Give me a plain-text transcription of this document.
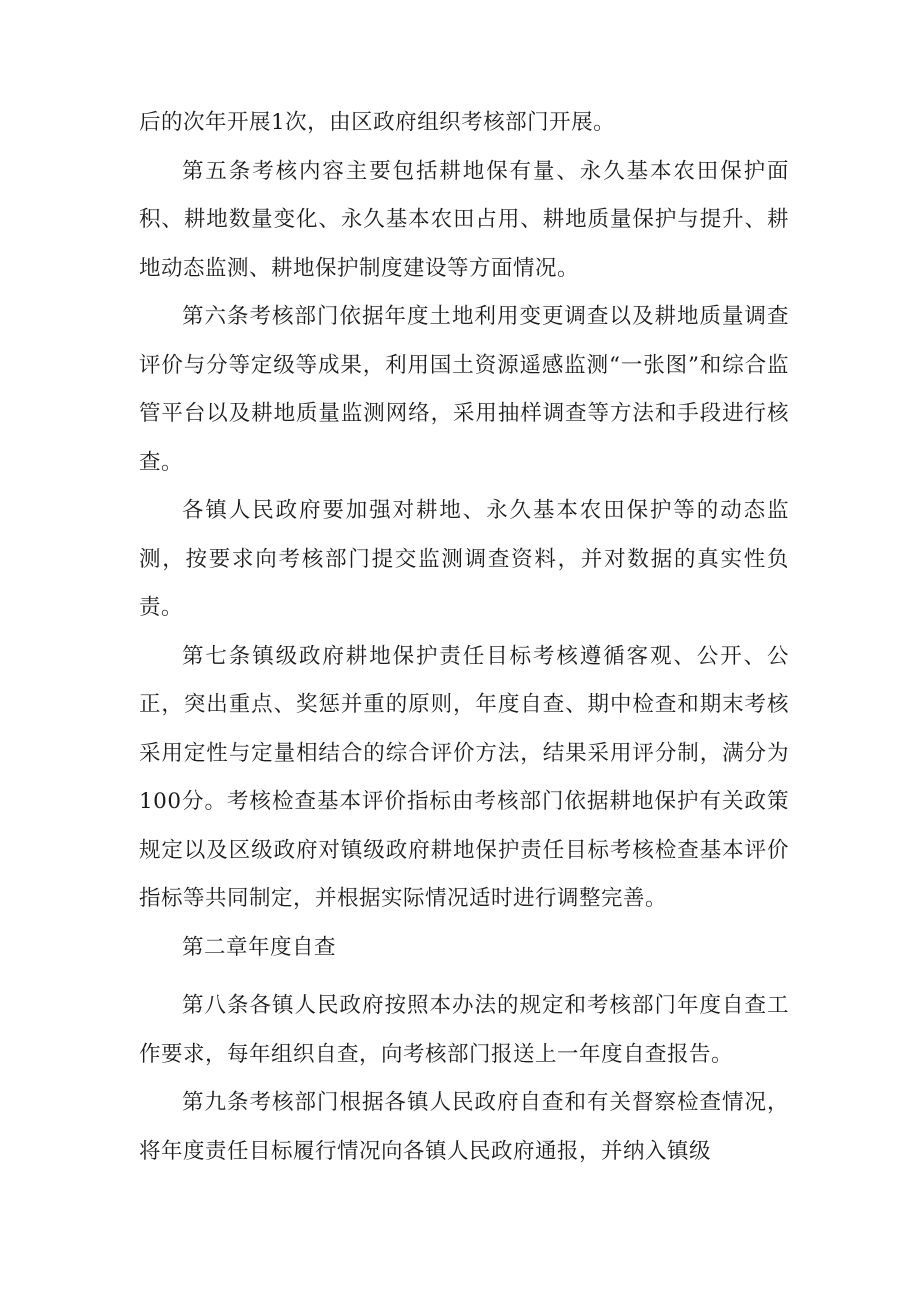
后的次年开展1次，由区政府组织考核部门开展。

第五条考核内容主要包括耕地保有量、永久基本农田保护面积、耕地数量变化、永久基本农田占用、耕地质量保护与提升、耕地动态监测、耕地保护制度建设等方面情况。

第六条考核部门依据年度土地利用变更调查以及耕地质量调查评价与分等定级等成果，利用国土资源遥感监测“一张图”和综合监管平台以及耕地质量监测网络，采用抽样调查等方法和手段进行核查。

各镇人民政府要加强对耕地、永久基本农田保护等的动态监测，按要求向考核部门提交监测调查资料，并对数据的真实性负责。

第七条镇级政府耕地保护责任目标考核遵循客观、公开、公正，突出重点、奖惩并重的原则，年度自查、期中检查和期末考核采用定性与定量相结合的综合评价方法，结果采用评分制，满分为100分。考核检查基本评价指标由考核部门依据耕地保护有关政策规定以及区级政府对镇级政府耕地保护责任目标考核检查基本评价指标等共同制定，并根据实际情况适时进行调整完善。

第二章年度自查

第八条各镇人民政府按照本办法的规定和考核部门年度自查工作要求，每年组织自查，向考核部门报送上一年度自查报告。

第九条考核部门根据各镇人民政府自查和有关督察检查情况，将年度责任目标履行情况向各镇人民政府通报，并纳入镇级
